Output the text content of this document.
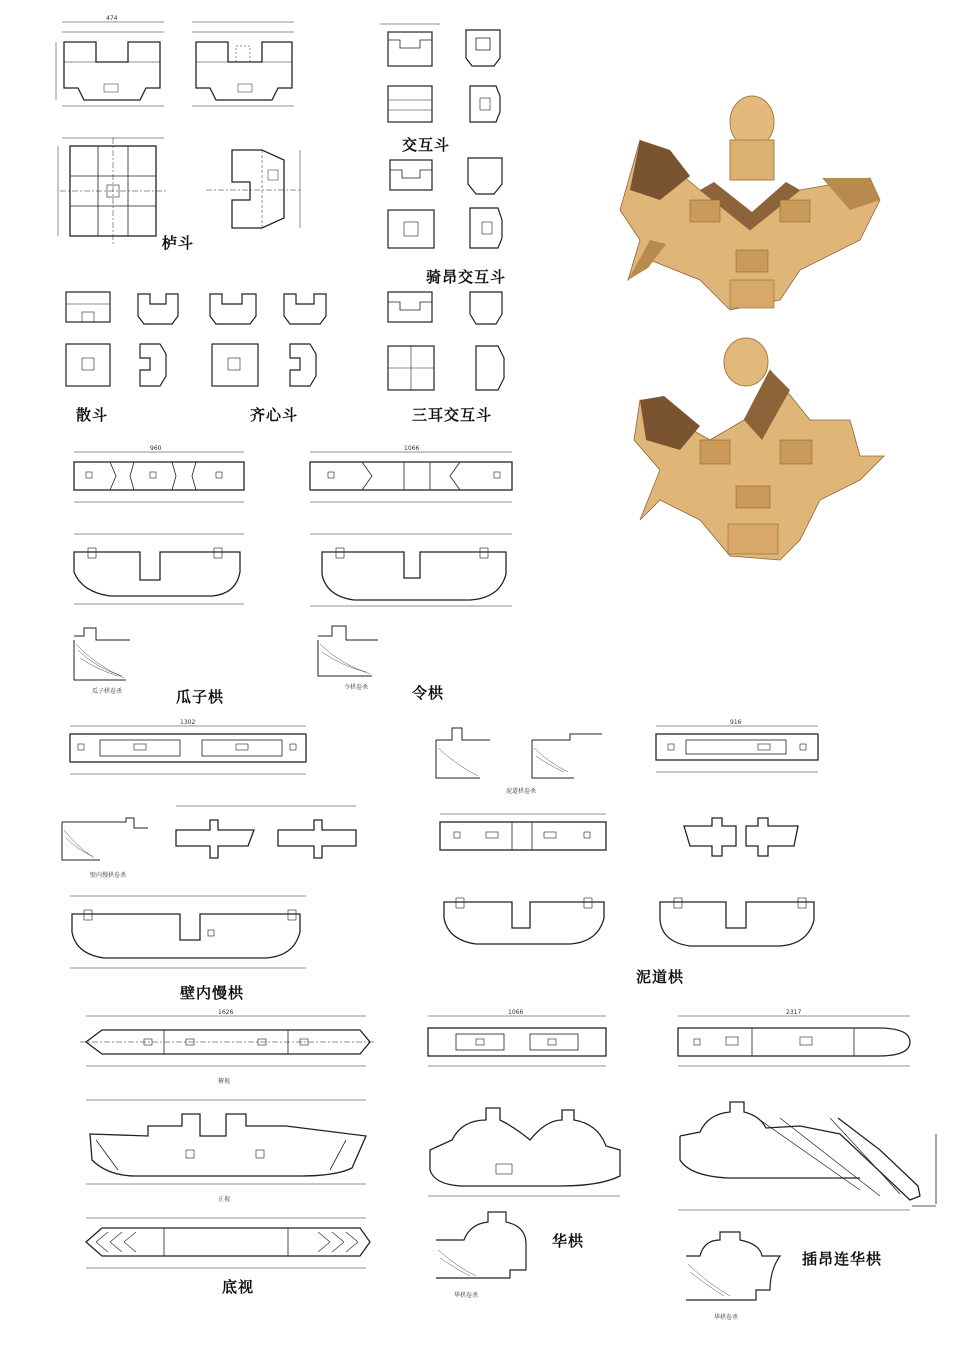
栌斗
交互斗
骑昂交互斗
散斗	齐心斗	三耳交互斗
瓜子栱	令栱
壁内慢栱
泥道栱
底视
华栱
插昂连华栱
瓜子栱卷杀
令栱卷杀
泥道栱卷杀
壁内慢栱卷杀
俯视
正视
华栱卷杀
华栱卷杀
474
960	1066
1302	916
1626	1066	2317
